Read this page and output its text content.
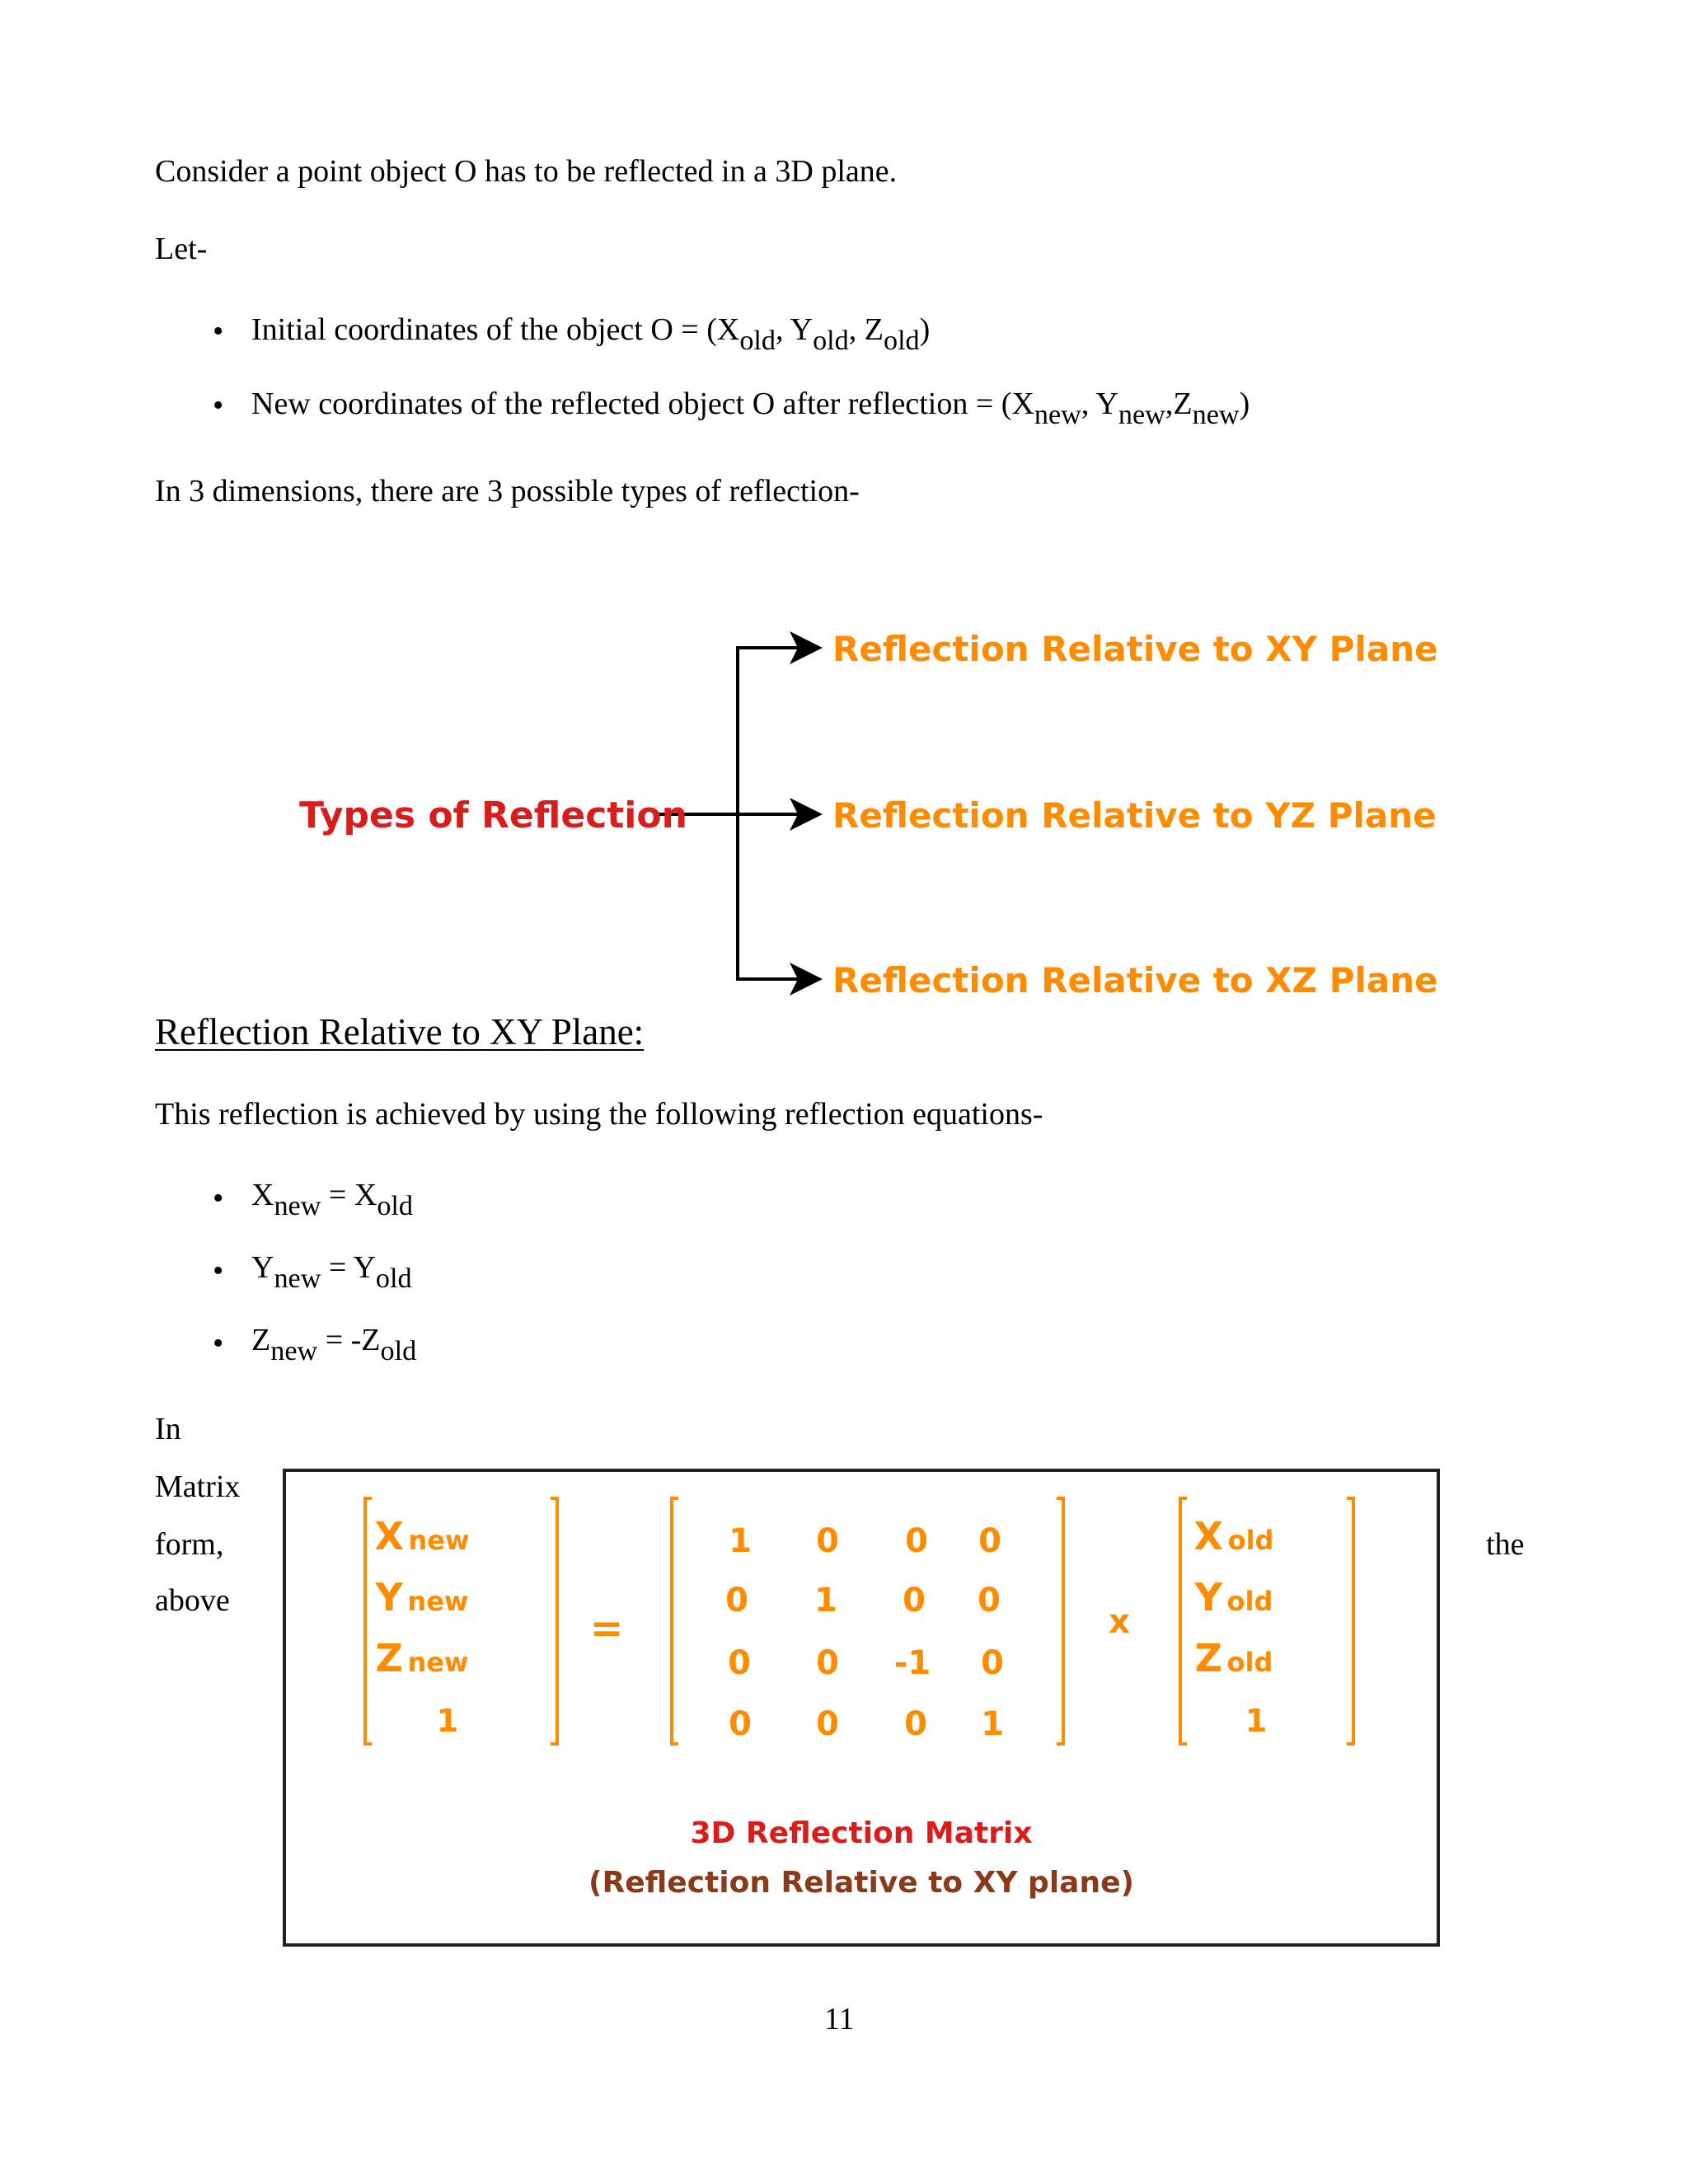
Consider a point object O has to be reflected in a 3D plane.
Let-
• Initial coordinates of the object $O = (X_{old}$, $Y_{old}$, $Z_{old}$)
• New coordinates of the reflected object O after reflection = ($X_{new}$, $Y_{new},Z_{new}$)
In 3 dimensions, there are 3 possible types of reflection-
Types of Reflection
Reflection Relative to XY Plane
Reflection Relative to YZ Plane
Reflection Relative to XZ Plane
Reflection Relative to XY Plane:
This reflection is achieved by using the following reflection equations-
• $X_{new} = X_{old}$
• $Y_{new} = Y_{old}$
• $Z_{new} = -Z_{old}$
In
Matrix
form,
above
the
X new
Y new
Z new
1
=
1 0 0 0
0 1 0 0
0 0 -1 0
0 0 0 1
x
X old
Y old
Z old
1
3D Reflection Matrix
(Reflection Relative to XY plane)
11
